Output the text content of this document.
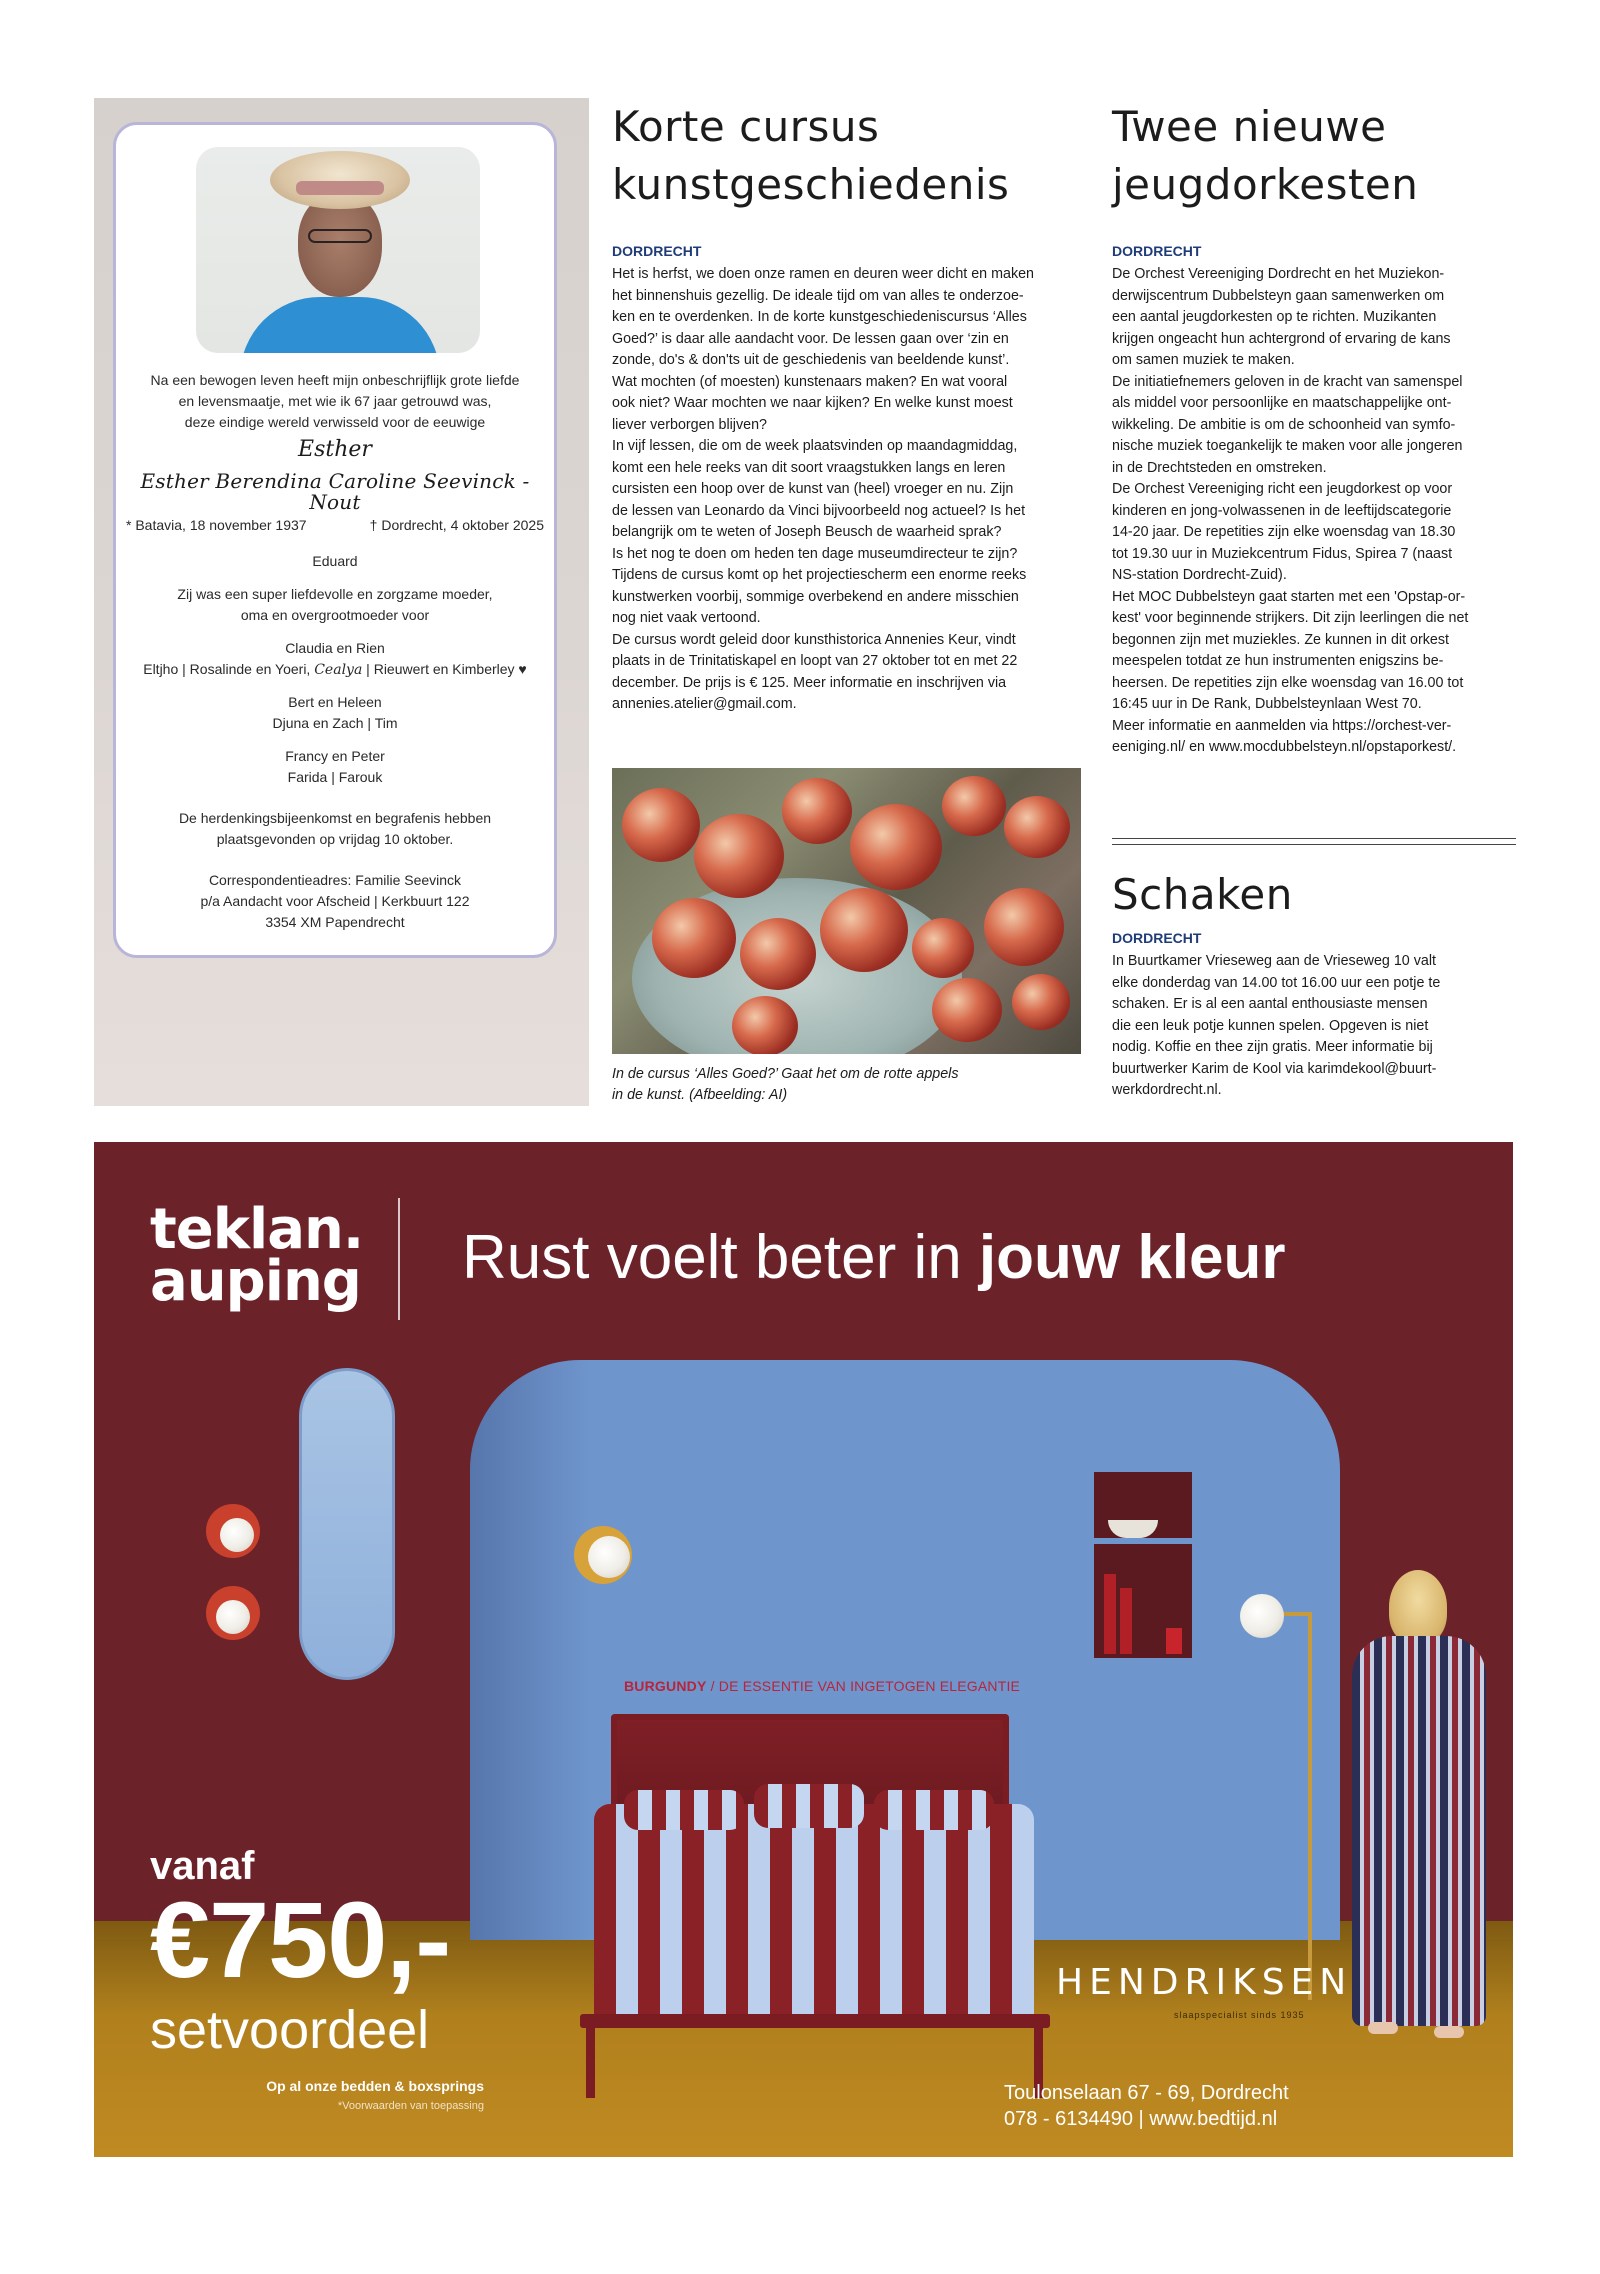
Na een bewogen leven heeft mijn onbeschrijflijk grote liefde
en levensmaatje, met wie ik 67 jaar getrouwd was,
deze eindige wereld verwisseld voor de eeuwige
Esther
Esther Berendina Caroline Seevinck - Nout
* Batavia, 18 november 1937	† Dordrecht, 4 oktober 2025
Eduard
Zij was een super liefdevolle en zorgzame moeder,
oma en overgrootmoeder voor
Claudia en Rien
Eltjho | Rosalinde en Yoeri, Cealya | Rieuwert en Kimberley ♥
Bert en Heleen
Djuna en Zach | Tim
Francy en Peter
Farida | Farouk
De herdenkingsbijeenkomst en begrafenis hebben
plaatsgevonden op vrijdag 10 oktober.
Correspondentieadres: Familie Seevinck
p/a Aandacht voor Afscheid | Kerkbuurt 122
3354 XM Papendrecht
Korte cursus
kunstgeschiedenis
DORDRECHT

Het is herfst, we doen onze ramen en deuren weer dicht en maken

het binnenshuis gezellig. De ideale tijd om van alles te onderzoe-

ken en te overdenken. In de korte kunstgeschiedeniscursus ‘Alles

Goed?’ is daar alle aandacht voor. De lessen gaan over ‘zin en

zonde, do's & don'ts uit de geschiedenis van beeldende kunst’.

Wat mochten (of moesten) kunstenaars maken? En wat vooral

ook niet? Waar mochten we naar kijken? En welke kunst moest

liever verborgen blijven?

In vijf lessen, die om de week plaatsvinden op maandagmiddag,

komt een hele reeks van dit soort vraagstukken langs en leren

cursisten een hoop over de kunst van (heel) vroeger en nu. Zijn

de lessen van Leonardo da Vinci bijvoorbeeld nog actueel? Is het

belangrijk om te weten of Joseph Beusch de waarheid sprak?

Is het nog te doen om heden ten dage museumdirecteur te zijn?

Tijdens de cursus komt op het projectiescherm een enorme reeks

kunstwerken voorbij, sommige overbekend en andere misschien

nog niet vaak vertoond.

De cursus wordt geleid door kunsthistorica Annenies Keur, vindt

plaats in de Trinitatiskapel en loopt van 27 oktober tot en met 22

december. De prijs is € 125. Meer informatie en inschrijven via

annenies.atelier@gmail.com.

In de cursus ‘Alles Goed?’ Gaat het om de rotte appels
in de kunst. (Afbeelding: AI)
Twee nieuwe
jeugdorkesten
DORDRECHT

De Orchest Vereeniging Dordrecht en het Muziekon-

derwijscentrum Dubbelsteyn gaan samenwerken om

een aantal jeugdorkesten op te richten. Muzikanten

krijgen ongeacht hun achtergrond of ervaring de kans

om samen muziek te maken.

De initiatiefnemers geloven in de kracht van samenspel

als middel voor persoonlijke en maatschappelijke ont-

wikkeling. De ambitie is om de schoonheid van symfo-

nische muziek toegankelijk te maken voor alle jongeren

in de Drechtsteden en omstreken.

De Orchest Vereeniging richt een jeugdorkest op voor

kinderen en jong-volwassenen in de leeftijdscategorie

14-20 jaar. De repetities zijn elke woensdag van 18.30

tot 19.30 uur in Muziekcentrum Fidus, Spirea 7 (naast

NS-station Dordrecht-Zuid).

Het MOC Dubbelsteyn gaat starten met een 'Opstap-or-

kest' voor beginnende strijkers. Dit zijn leerlingen die net

begonnen zijn met muziekles. Ze kunnen in dit orkest

meespelen totdat ze hun instrumenten enigszins be-

heersen. De repetities zijn elke woensdag van 16.00 tot

16:45 uur in De Rank, Dubbelsteynlaan West 70.

Meer informatie en aanmelden via https://orchest-ver-

eeniging.nl/ en www.mocdubbelsteyn.nl/opstaporkest/.

Schaken
DORDRECHT

In Buurtkamer Vrieseweg aan de Vrieseweg 10 valt

elke donderdag van 14.00 tot 16.00 uur een potje te

schaken. Er is al een aantal enthousiaste mensen

die een leuk potje kunnen spelen. Opgeven is niet

nodig. Koffie en thee zijn gratis. Meer informatie bij

buurtwerker Karim de Kool via karimdekool@buurt-

werkdordrecht.nl.

teklan.
auping Rust voelt beter in jouw kleur
BURGUNDY / DE ESSENTIE VAN INGETOGEN ELEGANTIE
vanaf
€750,-
setvoordeel
Op al onze bedden & boxsprings
*Voorwaarden van toepassing
HENDRIKSEN
slaapspecialist sinds 1935
Toulonselaan 67 - 69, Dordrecht
078 - 6134490 | www.bedtijd.nl
